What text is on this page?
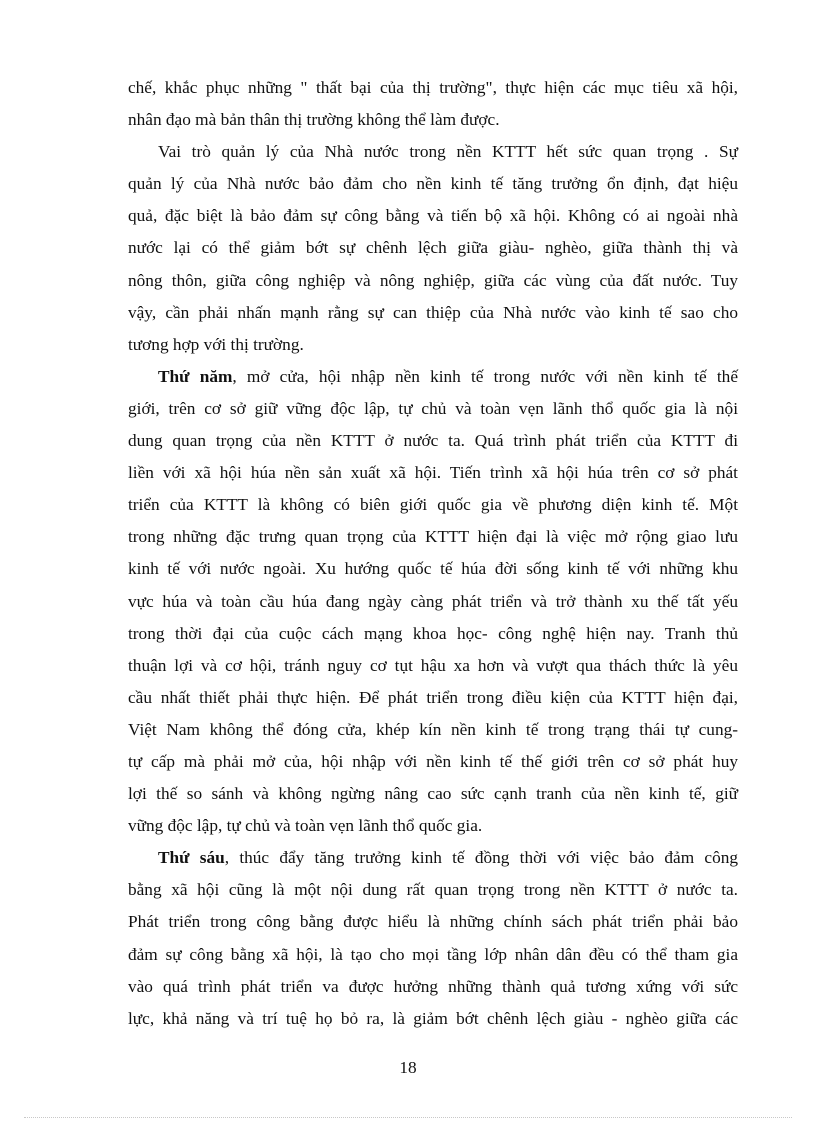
chế, khắc phục những " thất bại của thị trường", thực hiện các mục tiêu xã hội,
nhân đạo mà bản thân thị trường không thể làm được.
Vai trò quản lý của Nhà nước trong nền KTTT hết sức quan trọng . Sự
quản lý của Nhà nước bảo đảm cho nền kinh tế tăng trưởng ổn định, đạt hiệu
quả, đặc biệt là bảo đảm sự công bằng và tiến bộ xã hội. Không có ai ngoài nhà
nước lại có thể giảm bớt sự chênh lệch giữa giàu- nghèo, giữa thành thị và
nông thôn, giữa công nghiệp và nông nghiệp, giữa các vùng của đất nước. Tuy
vậy, cần phải nhấn mạnh rằng sự can thiệp của Nhà nước vào kinh tế sao cho
tương hợp với thị trường.
Thứ năm, mở cửa, hội nhập nền kinh tế trong nước với nền kinh tế thế
giới, trên cơ sở giữ vững độc lập, tự chủ và toàn vẹn lãnh thổ quốc gia là nội
dung quan trọng của nền KTTT ở nước ta. Quá trình phát triển của KTTT đi
liền với xã hội húa nền sản xuất xã hội. Tiến trình xã hội húa trên cơ sở phát
triển của KTTT là không có biên giới quốc gia về phương diện kinh tế. Một
trong những đặc trưng quan trọng của KTTT hiện đại là việc mở rộng giao lưu
kinh tế với nước ngoài. Xu hướng quốc tế húa đời sống kinh tế với những khu
vực húa và toàn cầu húa đang ngày càng phát triển và trở thành xu thế tất yếu
trong thời đại của cuộc cách mạng khoa học- công nghệ hiện nay. Tranh thủ
thuận lợi và cơ hội, tránh nguy cơ tụt hậu xa hơn và vượt qua thách thức là yêu
cầu nhất thiết phải thực hiện. Để phát triển trong điều kiện của KTTT hiện đại,
Việt Nam không thể đóng cửa, khép kín nền kinh tế trong trạng thái tự cung-
tự cấp mà phải mở của, hội nhập với nền kinh tế thế giới trên cơ sở phát huy
lợi thế so sánh và không ngừng nâng cao sức cạnh tranh của nền kinh tế, giữ
vững độc lập, tự chủ và toàn vẹn lãnh thổ quốc gia.
Thứ sáu, thúc đẩy tăng trưởng kinh tế đồng thời với việc bảo đảm công
bằng xã hội cũng là một nội dung rất quan trọng trong nền KTTT ở nước ta.
Phát triển trong công bằng được hiểu là những chính sách phát triển phải bảo
đảm sự công bằng xã hội, là tạo cho mọi tầng lớp nhân dân đều có thể tham gia
vào quá trình phát triển va được hưởng những thành quả tương xứng với sức
lực, khả năng và trí tuệ họ bỏ ra, là giảm bớt chênh lệch giàu - nghèo giữa các
18
